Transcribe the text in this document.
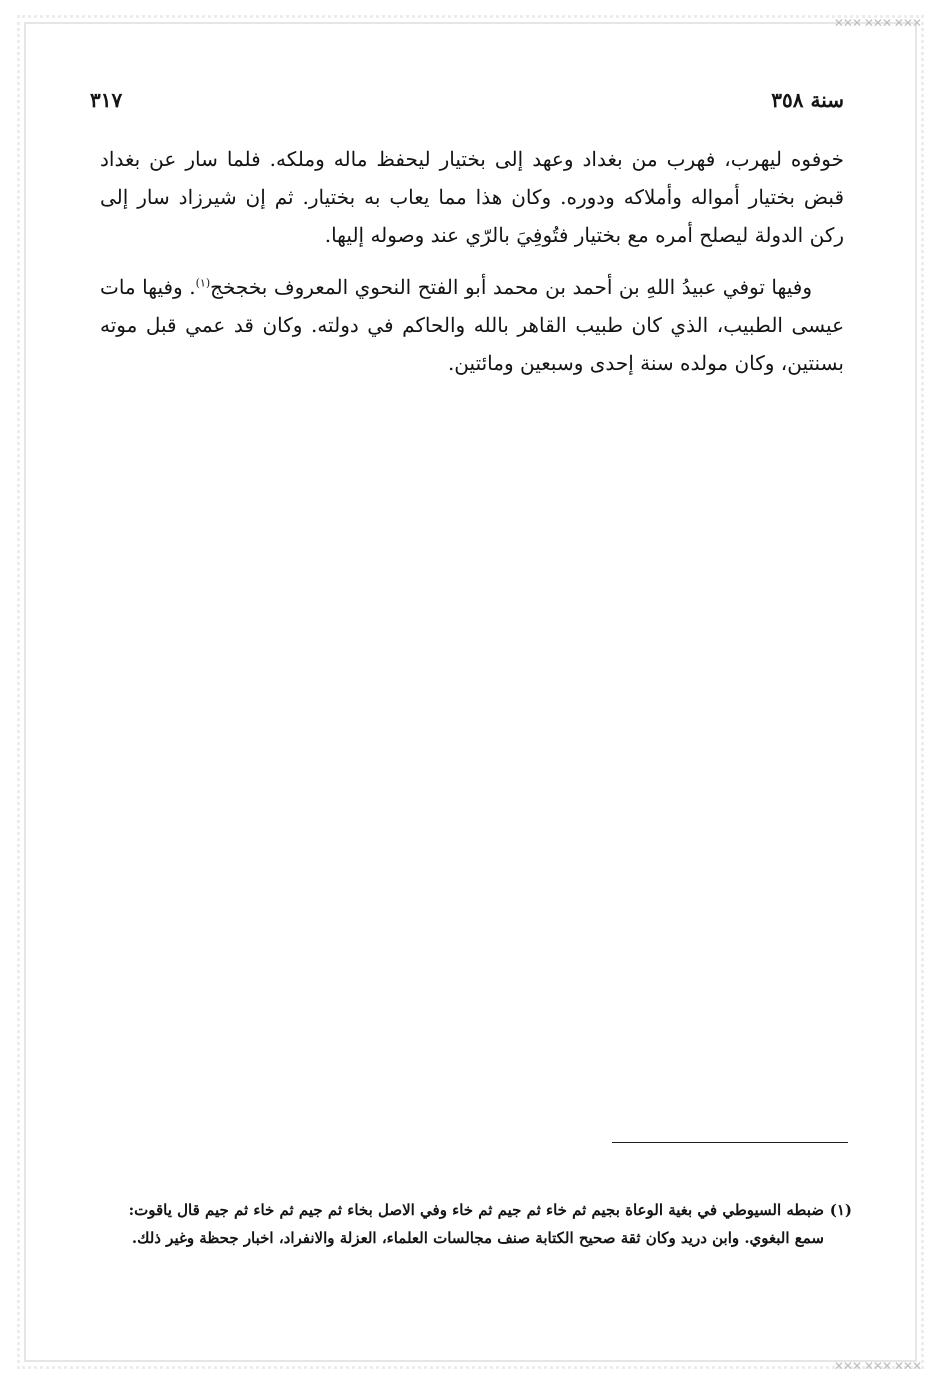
✕✕✕ ✕✕✕ ✕✕✕
✕✕✕ ✕✕✕ ✕✕✕
سنة ٣٥٨
٣١٧

خوفوه ليهرب، فهرب من بغداد وعهد إلى بختيار ليحفظ ماله وملكه. فلما سار عن بغداد قبض بختيار أمواله وأملاكه ودوره. وكان هذا مما يعاب به بختيار. ثم إن شيرزاد سار إلى ركن الدولة ليصلح أمره مع بختيار فتُوفِيَ بالرّي عند وصوله إليها.

وفيها توفي عبيدُ اللهِ بن أحمد بن محمد أبو الفتح النحوي المعروف بخجخج$^{(١)}$. وفيها مات عيسى الطبيب، الذي كان طبيب القاهر بالله والحاكم في دولته. وكان قد عمي قبل موته بسنتين، وكان مولده سنة إحدى وسبعين ومائتين.

(١)
ضبطه السيوطي في بغية الوعاة بجيم ثم خاء ثم جيم ثم خاء وفي الاصل بخاء ثم جيم ثم خاء ثم جيم قال ياقوت: سمع البغوي. وابن دريد وكان ثقة صحيح الكتابة صنف مجالسات العلماء، العزلة والانفراد، اخبار جحظة وغير ذلك.
